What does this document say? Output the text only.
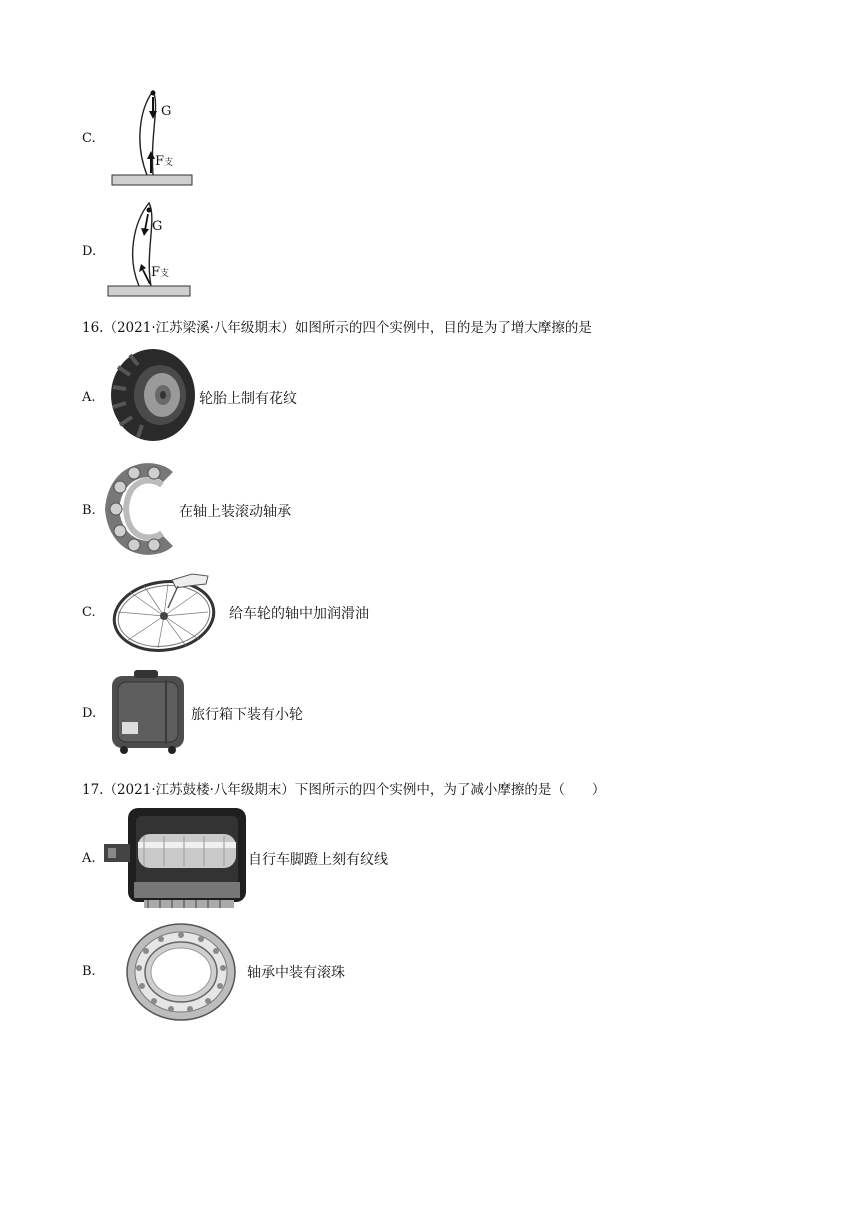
C.
G
F支
D.
G
F支
16.（2021·江苏梁溪·八年级期末）如图所示的四个实例中，目的是为了增大摩擦的是
A.	轮胎上制有花纹
B.	在轴上装滚动轴承
C.	给车轮的轴中加润滑油
D.	旅行箱下装有小轮
17.（2021·江苏鼓楼·八年级期末）下图所示的四个实例中，为了减小摩擦的是（　　）
A.	自行车脚蹬上刻有纹线
B.	轴承中装有滚珠
